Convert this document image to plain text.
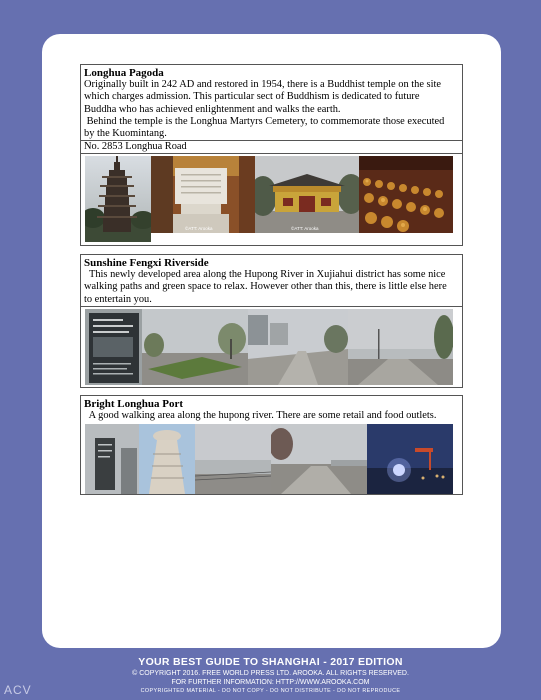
Longhua Pagoda
Originally built in 242 AD and restored in 1954, there is a Buddhist temple on the site
which charges admission. This particular sect of Buddhism is dedicated to future
Buddha who has achieved enlightenment and walks the earth.
Behind the temple is the Longhua Martyrs Cemetery, to commemorate those executed
by the Kuomintang.
No. 2853 Longhua Road
©ATT: Arooka	©ATT: Arooka
Sunshine Fengxi Riverside
This newly developed area along the Hupong River in Xujiahui district has some nice
walking paths and green space to relax. However other than this, there is little else here
to entertain you.
Bright Longhua Port
A good walking area along the hupong river. There are some retail and food outlets.
YOUR BEST GUIDE TO SHANGHAI - 2017 EDITION
© COPYRIGHT 2016. FREE WORLD PRESS LTD. AROOKA. ALL RIGHTS RESERVED.
FOR FURTHER INFORMATION: HTTP://WWW.AROOKA.COM
COPYRIGHTED MATERIAL - DO NOT COPY - DO NOT DISTRIBUTE - DO NOT REPRODUCE
ACV
